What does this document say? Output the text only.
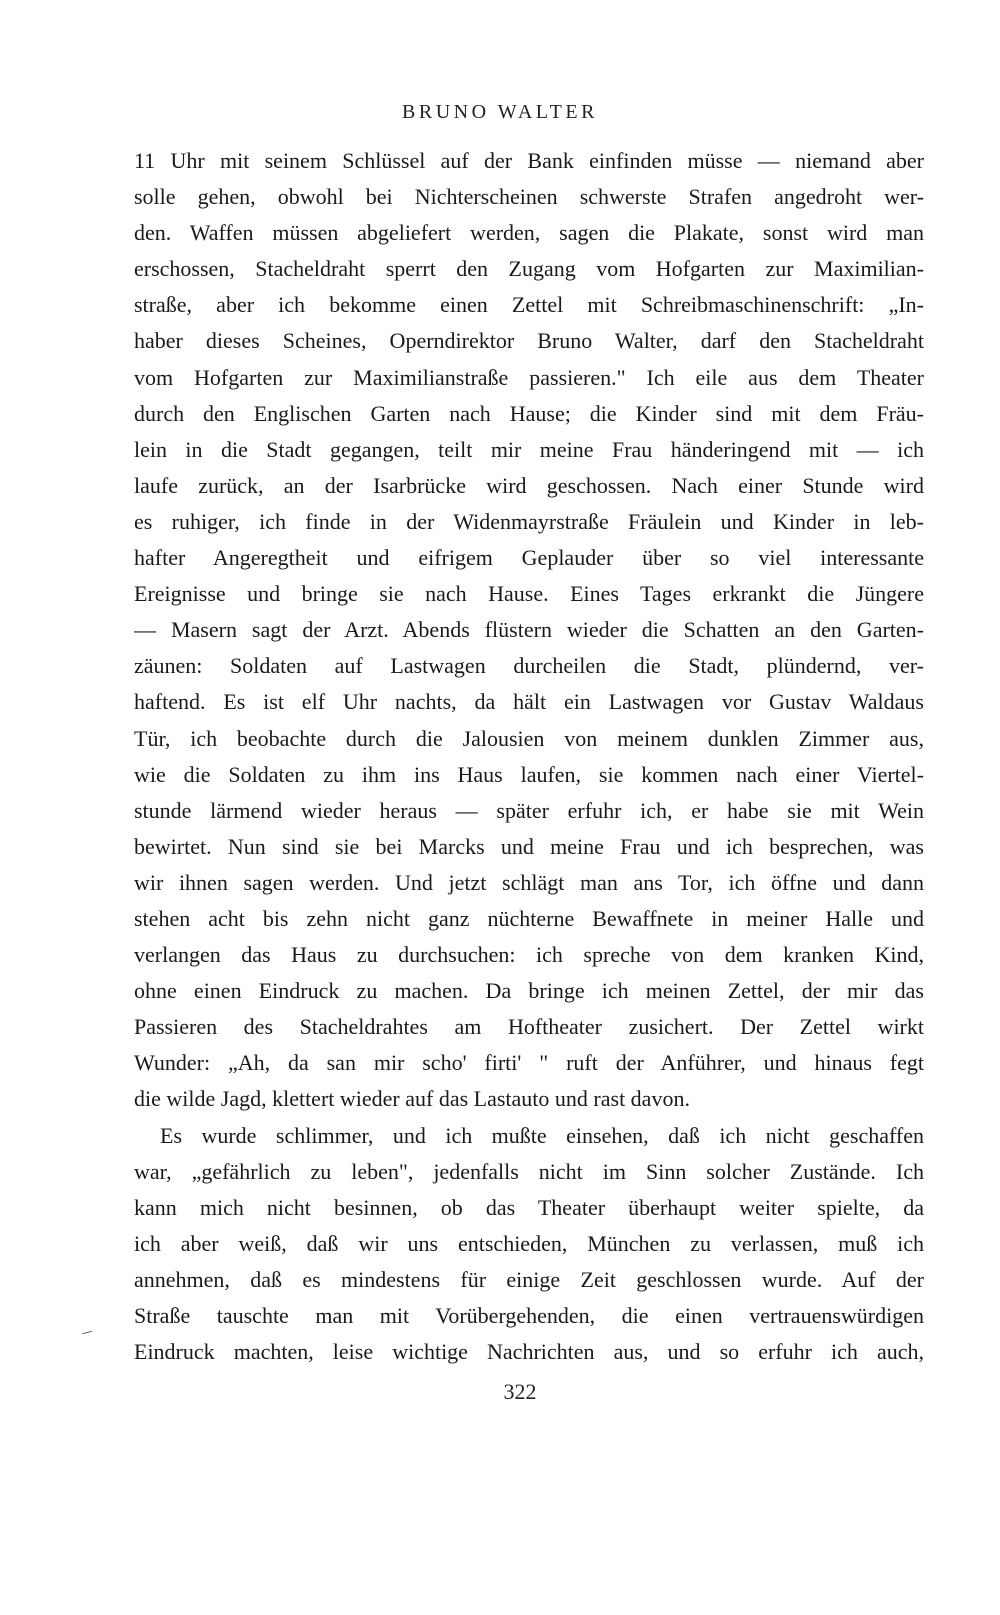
BRUNO WALTER
11 Uhr mit seinem Schlüssel auf der Bank einfinden müsse — niemand aber
solle gehen, obwohl bei Nichterscheinen schwerste Strafen angedroht wer-
den. Waffen müssen abgeliefert werden, sagen die Plakate, sonst wird man
erschossen, Stacheldraht sperrt den Zugang vom Hofgarten zur Maximilian-
straße, aber ich bekomme einen Zettel mit Schreibmaschinenschrift: „In-
haber dieses Scheines, Operndirektor Bruno Walter, darf den Stacheldraht
vom Hofgarten zur Maximilianstraße passieren." Ich eile aus dem Theater
durch den Englischen Garten nach Hause; die Kinder sind mit dem Fräu-
lein in die Stadt gegangen, teilt mir meine Frau händeringend mit — ich
laufe zurück, an der Isarbrücke wird geschossen. Nach einer Stunde wird
es ruhiger, ich finde in der Widenmayrstraße Fräulein und Kinder in leb-
hafter Angeregtheit und eifrigem Geplauder über so viel interessante
Ereignisse und bringe sie nach Hause. Eines Tages erkrankt die Jüngere
— Masern sagt der Arzt. Abends flüstern wieder die Schatten an den Garten-
zäunen: Soldaten auf Lastwagen durcheilen die Stadt, plündernd, ver-
haftend. Es ist elf Uhr nachts, da hält ein Lastwagen vor Gustav Waldaus
Tür, ich beobachte durch die Jalousien von meinem dunklen Zimmer aus,
wie die Soldaten zu ihm ins Haus laufen, sie kommen nach einer Viertel-
stunde lärmend wieder heraus — später erfuhr ich, er habe sie mit Wein
bewirtet. Nun sind sie bei Marcks und meine Frau und ich besprechen, was
wir ihnen sagen werden. Und jetzt schlägt man ans Tor, ich öffne und dann
stehen acht bis zehn nicht ganz nüchterne Bewaffnete in meiner Halle und
verlangen das Haus zu durchsuchen: ich spreche von dem kranken Kind,
ohne einen Eindruck zu machen. Da bringe ich meinen Zettel, der mir das
Passieren des Stacheldrahtes am Hoftheater zusichert. Der Zettel wirkt
Wunder: „Ah, da san mir scho' firti' " ruft der Anführer, und hinaus fegt
die wilde Jagd, klettert wieder auf das Lastauto und rast davon.
Es wurde schlimmer, und ich mußte einsehen, daß ich nicht geschaffen
war, „gefährlich zu leben", jedenfalls nicht im Sinn solcher Zustände. Ich
kann mich nicht besinnen, ob das Theater überhaupt weiter spielte, da
ich aber weiß, daß wir uns entschieden, München zu verlassen, muß ich
annehmen, daß es mindestens für einige Zeit geschlossen wurde. Auf der
Straße tauschte man mit Vorübergehenden, die einen vertrauenswürdigen
Eindruck machten, leise wichtige Nachrichten aus, und so erfuhr ich auch,
322
